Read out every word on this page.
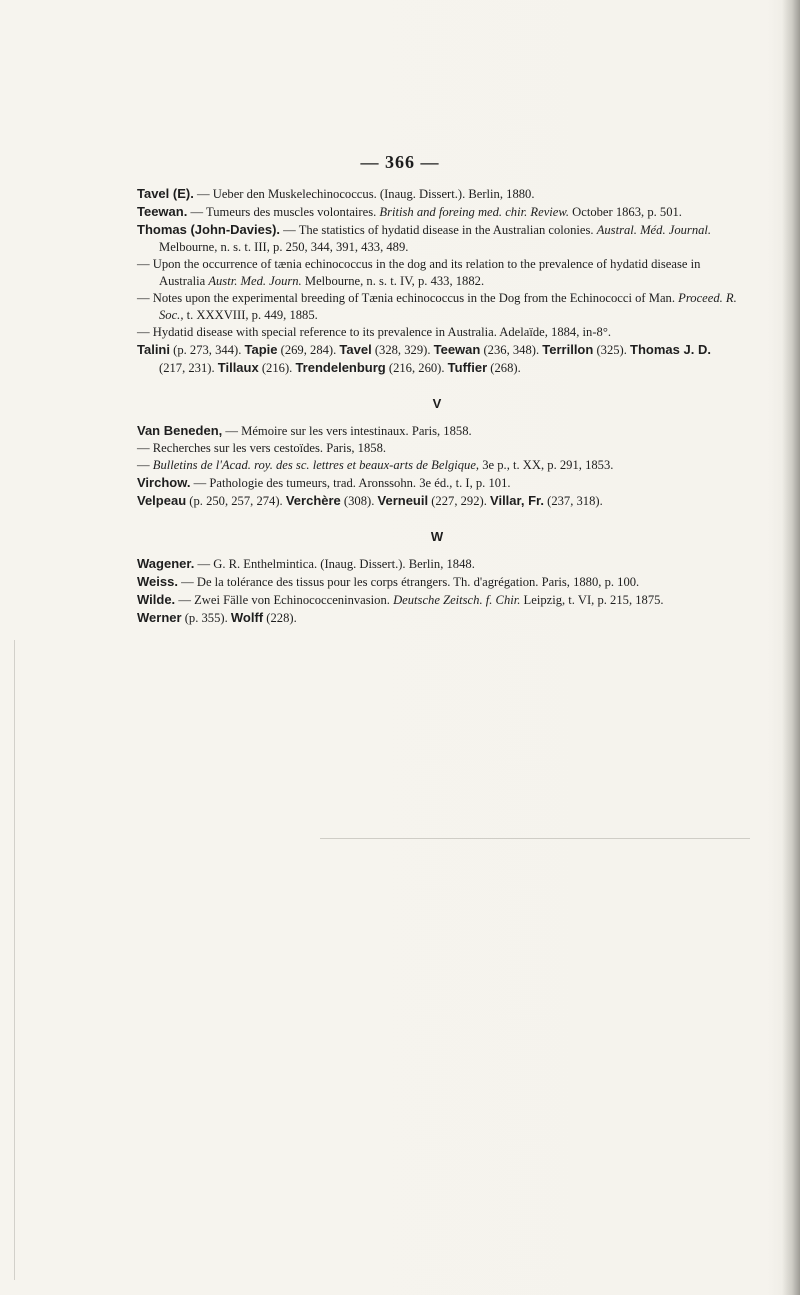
— 366 —

Tavel (E). — Ueber den Muskelechinococcus. (Inaug. Dissert.). Berlin, 1880.

Teewan. — Tumeurs des muscles volontaires. British and foreing med. chir. Review. October 1863, p. 501.

Thomas (John-Davies). — The statistics of hydatid disease in the Australian colonies. Austral. Méd. Journal. Melbourne, n. s. t. III, p. 250, 344, 391, 433, 489.

— Upon the occurrence of tænia echinococcus in the dog and its relation to the prevalence of hydatid disease in Australia Austr. Med. Journ. Melbourne, n. s. t. IV, p. 433, 1882.

— Notes upon the experimental breeding of Tænia echinococcus in the Dog from the Echinococci of Man. Proceed. R. Soc., t. XXXVIII, p. 449, 1885.

— Hydatid disease with special reference to its prevalence in Australia. Adelaïde, 1884, in-8°.

Talini (p. 273, 344). Tapie (269, 284). Tavel (328, 329). Teewan (236, 348). Terrillon (325). Thomas J. D. (217, 231). Tillaux (216). Trendelenburg (216, 260). Tuffier (268).

V

Van Beneden, — Mémoire sur les vers intestinaux. Paris, 1858.

— Recherches sur les vers cestoïdes. Paris, 1858.

— Bulletins de l'Acad. roy. des sc. lettres et beaux-arts de Belgique, 3e p., t. XX, p. 291, 1853.

Virchow. — Pathologie des tumeurs, trad. Aronssohn. 3e éd., t. I, p. 101.

Velpeau (p. 250, 257, 274). Verchère (308). Verneuil (227, 292). Villar, Fr. (237, 318).

W

Wagener. — G. R. Enthelmintica. (Inaug. Dissert.). Berlin, 1848.

Weiss. — De la tolérance des tissus pour les corps étrangers. Th. d'agrégation. Paris, 1880, p. 100.

Wilde. — Zwei Fälle von Echinococceninvasion. Deutsche Zeitsch. f. Chir. Leipzig, t. VI, p. 215, 1875.

Werner (p. 355). Wolff (228).
